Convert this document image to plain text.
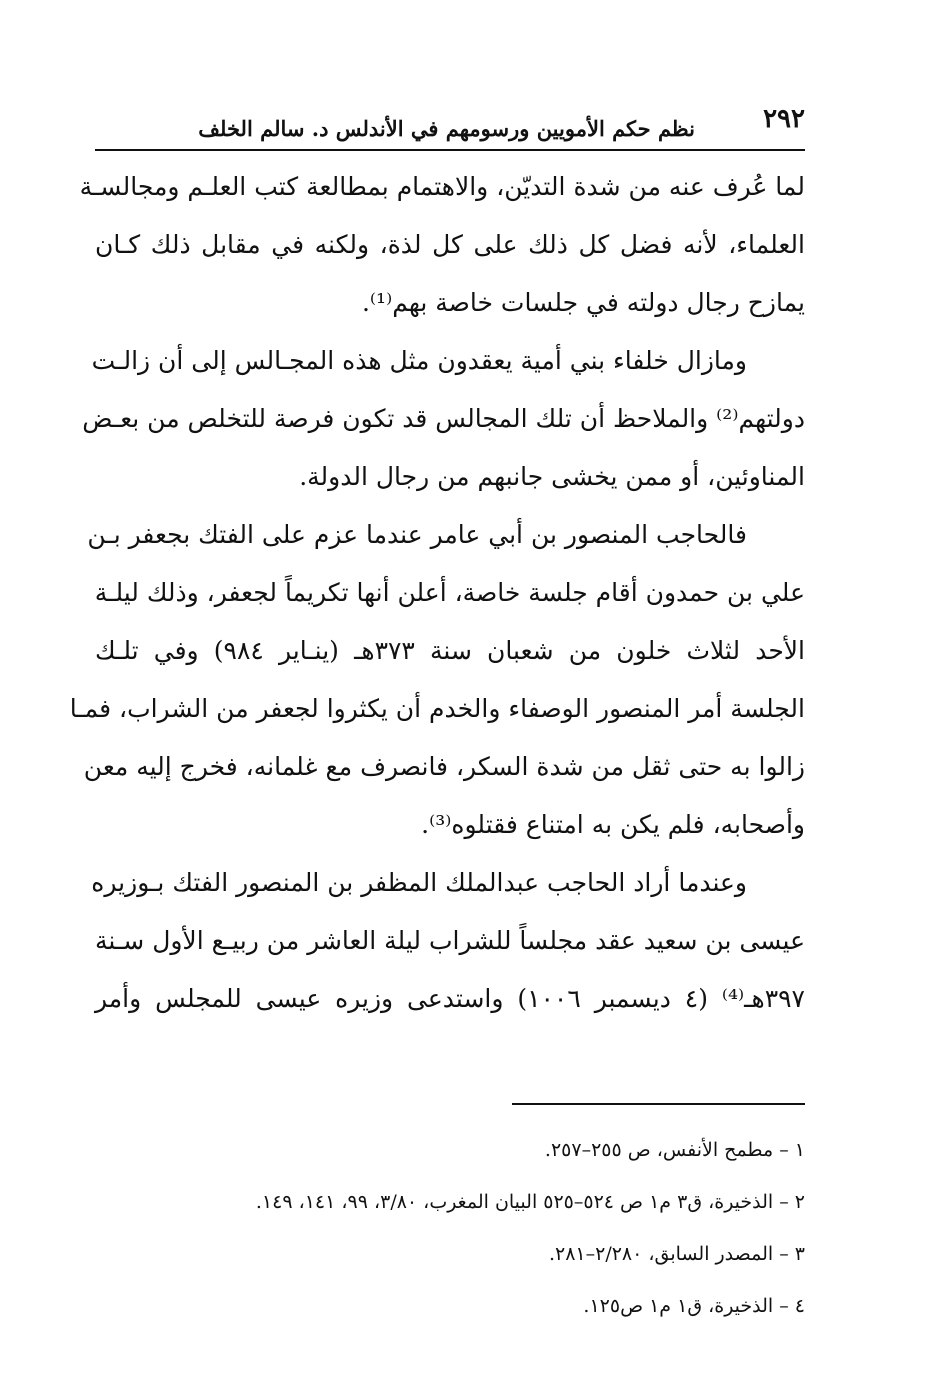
٢٩٢
نظم حكم الأمويين ورسومهم في الأندلس د. سالم الخلف
لما عُرف عنه من شدة التديّن، والاهتمام بمطالعة كتب العلـم ومجالسـة
العلماء، لأنه فضل كل ذلك على كل لذة، ولكنه في مقابل ذلك كـان
يمازح رجال دولته في جلسات خاصة بهم⁽¹⁾.
ومازال خلفاء بني أمية يعقدون مثل هذه المجـالس إلى أن زالـت
دولتهم⁽²⁾ والملاحظ أن تلك المجالس قد تكون فرصة للتخلص من بعـض
المناوئين، أو ممن يخشى جانبهم من رجال الدولة.
فالحاجب المنصور بن أبي عامر عندما عزم على الفتك بجعفر بـن
علي بن حمدون أقام جلسة خاصة، أعلن أنها تكريماً لجعفر، وذلك ليلـة
الأحد لثلاث خلون من شعبان سنة ٣٧٣هـ (ينـاير ٩٨٤) وفي تلـك
الجلسة أمر المنصور الوصفاء والخدم أن يكثروا لجعفر من الشراب، فمـا
زالوا به حتى ثقل من شدة السكر، فانصرف مع غلمانه، فخرج إليه معن
وأصحابه، فلم يكن به امتناع فقتلوه⁽³⁾.
وعندما أراد الحاجب عبدالملك المظفر بن المنصور الفتك بـوزيره
عيسى بن سعيد عقد مجلساً للشراب ليلة العاشر من ربيـع الأول سـنة
٣٩٧هـ⁽⁴⁾ (٤ ديسمبر ١٠٠٦) واستدعى وزيره عيسى للمجلس وأمر
١ – مطمح الأنفس، ص ٢٥٥–٢٥٧.
٢ – الذخيرة، ق٣ م١ ص ٥٢٤–٥٢٥ البيان المغرب، ٣/٨٠، ٩٩، ١٤١، ١٤٩.
٣ – المصدر السابق، ٢/٢٨٠–٢٨١.
٤ – الذخيرة، ق١ م١ ص١٢٥.
